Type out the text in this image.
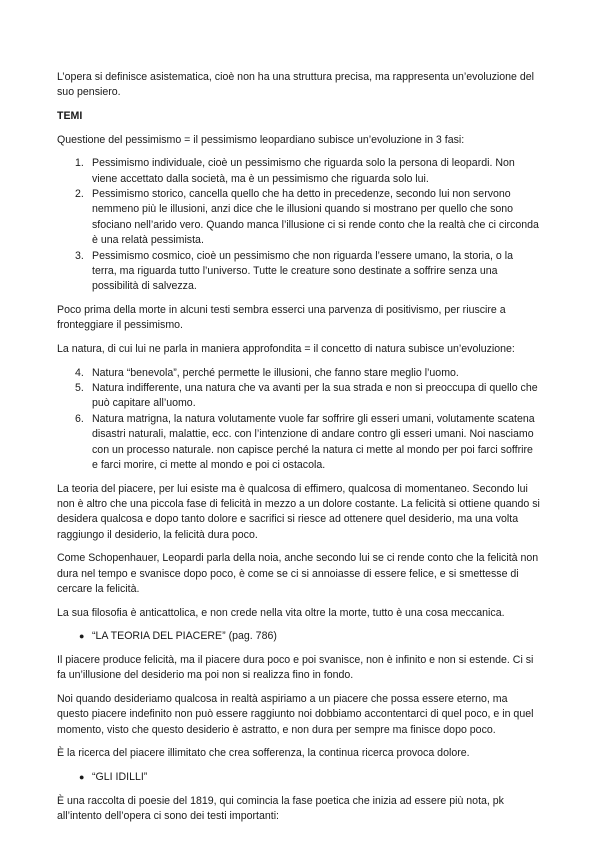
L’opera si definisce asistematica, cioè non ha una struttura precisa, ma rappresenta un’evoluzione del suo pensiero.

TEMI

Questione del pessimismo = il pessimismo leopardiano subisce un’evoluzione in 3 fasi:

1. Pessimismo individuale, cioè un pessimismo che riguarda solo la persona di leopardi. Non viene accettato dalla società, ma è un pessimismo che riguarda solo lui.
2. Pessimismo storico, cancella quello che ha detto in precedenze, secondo lui non servono nemmeno più le illusioni, anzi dice che le illusioni quando si mostrano per quello che sono sfociano nell’arido vero. Quando manca l’illusione ci si rende conto che la realtà che ci circonda è una relatà pessimista.
3. Pessimismo cosmico, cioè un pessimismo che non riguarda l’essere umano, la storia, o la terra, ma riguarda tutto l’universo. Tutte le creature sono destinate a soffrire senza una possibilità di salvezza.

Poco prima della morte in alcuni testi sembra esserci una parvenza di positivismo, per riuscire a fronteggiare il pessimismo.

La natura, di cui lui ne parla in maniera approfondita = il concetto di natura subisce un’evoluzione:

4. Natura “benevola”, perché permette le illusioni, che fanno stare meglio l’uomo.
5. Natura indifferente, una natura che va avanti per la sua strada e non si preoccupa di quello che può capitare all’uomo.
6. Natura matrigna, la natura volutamente vuole far soffrire gli esseri umani, volutamente scatena disastri naturali, malattie, ecc. con l’intenzione di andare contro gli esseri umani. Noi nasciamo con un processo naturale. non capisce perché la natura ci mette al mondo per poi farci soffrire e farci morire, ci mette al mondo e poi ci ostacola.

La teoria del piacere, per lui esiste ma è qualcosa di effimero, qualcosa di momentaneo. Secondo lui non è altro che una piccola fase di felicità in mezzo a un dolore costante. La felicità si ottiene quando si desidera qualcosa e dopo tanto dolore e sacrifici si riesce ad ottenere quel desiderio, ma una volta raggiungo il desiderio, la felicità dura poco.

Come Schopenhauer, Leopardi parla della noia, anche secondo lui se ci rende conto che la felicità non dura nel tempo e svanisce dopo poco, è come se ci si annoiasse di essere felice, e si smettesse di cercare la felicità.

La sua filosofia è anticattolica, e non crede nella vita oltre la morte, tutto è una cosa meccanica.

● “LA TEORIA DEL PIACERE” (pag. 786)

Il piacere produce felicità, ma il piacere dura poco e poi svanisce, non è infinito e non si estende. Ci si fa un’illusione del desiderio ma poi non si realizza fino in fondo.

Noi quando desideriamo qualcosa in realtà aspiriamo a un piacere che possa essere eterno, ma questo piacere indefinito non può essere raggiunto noi dobbiamo accontentarci di quel poco, e in quel momento, visto che questo desiderio è astratto, e non dura per sempre ma finisce dopo poco.

È la ricerca del piacere illimitato che crea sofferenza, la continua ricerca provoca dolore.

● “GLI IDILLI”

È una raccolta di poesie del 1819, qui comincia la fase poetica che inizia ad essere più nota, pk all’intento dell’opera ci sono dei testi importanti:
